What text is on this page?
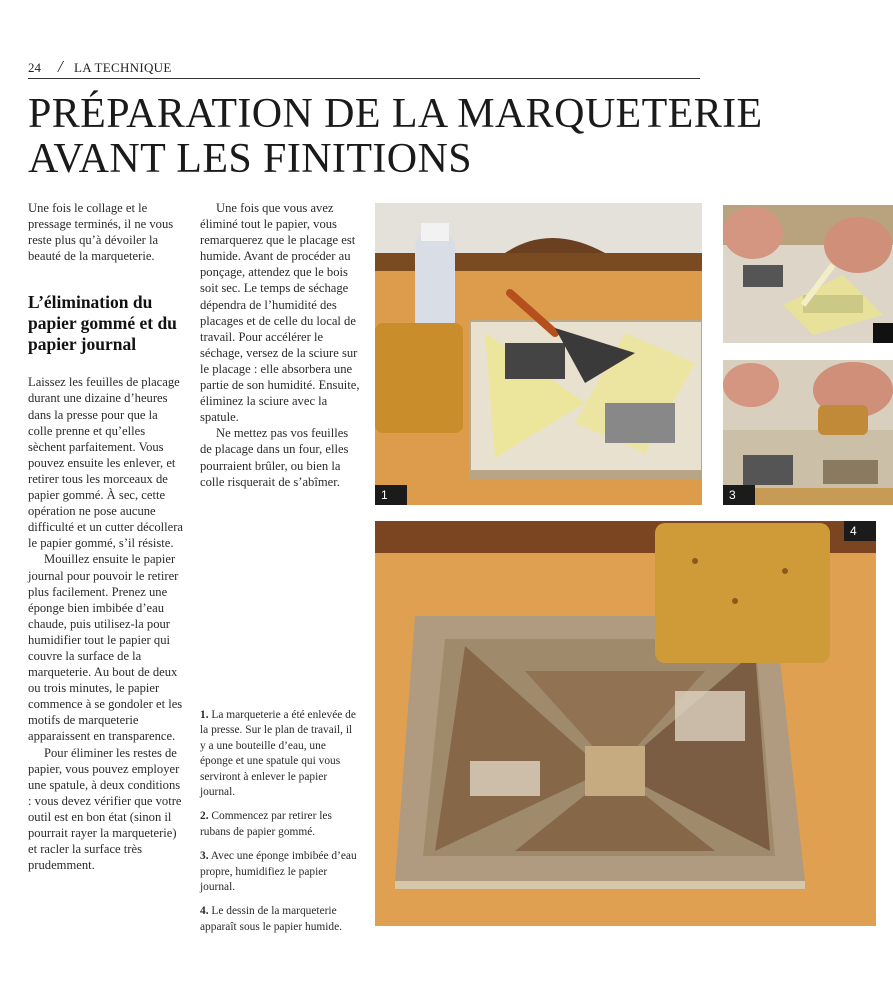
24 / LA TECHNIQUE
PRÉPARATION DE LA MARQUETERIE
AVANT LES FINITIONS

Une fois le collage et le pressage terminés, il ne vous reste plus qu’à dévoiler la beauté de la marqueterie.

L’élimination du papier gommé et du papier journal

Laissez les feuilles de placage durant une dizaine d’heures dans la presse pour que la colle prenne et qu’elles sèchent parfaitement. Vous pouvez ensuite les enlever, et retirer tous les morceaux de papier gommé. À sec, cette opération ne pose aucune difficulté et un cutter décollera le papier gommé, s’il résiste.

Mouillez ensuite le papier journal pour pouvoir le retirer plus facilement. Prenez une éponge bien imbibée d’eau chaude, puis utilisez-la pour humidifier tout le papier qui couvre la surface de la marqueterie. Au bout de deux ou trois minutes, le papier commence à se gondoler et les motifs de marqueterie apparaissent en transparence.

Pour éliminer les restes de papier, vous pouvez employer une spatule, à deux conditions : vous devez vérifier que votre outil est en bon état (sinon il pourrait rayer la marqueterie) et racler la surface très prudemment.

Une fois que vous avez éliminé tout le papier, vous remarquerez que le placage est humide. Avant de procéder au ponçage, attendez que le bois soit sec. Le temps de séchage dépendra de l’humidité des placages et de celle du local de travail. Pour accélérer le séchage, versez de la sciure sur le placage : elle absorbera une partie de son humidité. Ensuite, éliminez la sciure avec la spatule.

Ne mettez pas vos feuilles de placage dans un four, elles pourraient brûler, ou bien la colle risquerait de s’abîmer.

1. La marqueterie a été enlevée de la presse. Sur le plan de travail, il y a une bouteille d’eau, une éponge et une spatule qui vous serviront à enlever le papier journal.

2. Commencez par retirer les rubans de papier gommé.

3. Avec une éponge imbibée d’eau propre, humidifiez le papier journal.

4. Le dessin de la marqueterie apparaît sous le papier humide.

1	3
4
